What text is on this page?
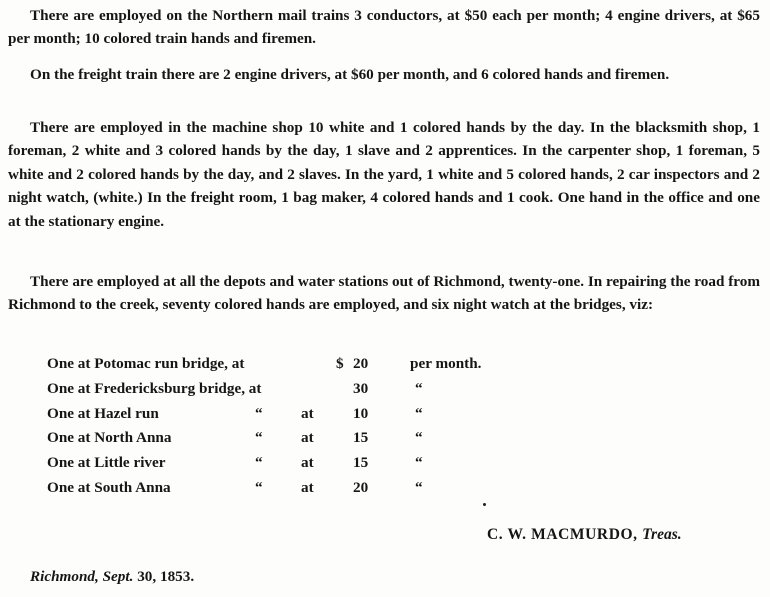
There are employed on the Northern mail trains 3 conductors, at $50 each per month; 4 engine drivers, at $65 per month; 10 colored train hands and firemen.

On the freight train there are 2 engine drivers, at $60 per month, and 6 colored hands and firemen.

There are employed in the machine shop 10 white and 1 colored hands by the day. In the blacksmith shop, 1 foreman, 2 white and 3 colored hands by the day, 1 slave and 2 apprentices. In the carpenter shop, 1 foreman, 5 white and 2 colored hands by the day, and 2 slaves. In the yard, 1 white and 5 colored hands, 2 car inspectors and 2 night watch, (white.) In the freight room, 1 bag maker, 4 colored hands and 1 cook. One hand in the office and one at the stationary engine.

There are employed at all the depots and water stations out of Richmond, twenty-one. In repairing the road from Richmond to the creek, seventy colored hands are employed, and six night watch at the bridges, viz:

One at Potomac run bridge, at	$ 20	per month.
One at Fredericksburg bridge, at	30	“
One at Hazel run	“	at	10	“
One at North Anna	“	at	15	“
One at Little river	“	at	15	“
One at South Anna	“	at	20	“
C. W. MACMURDO, Treas.
Richmond, Sept. 30, 1853.
